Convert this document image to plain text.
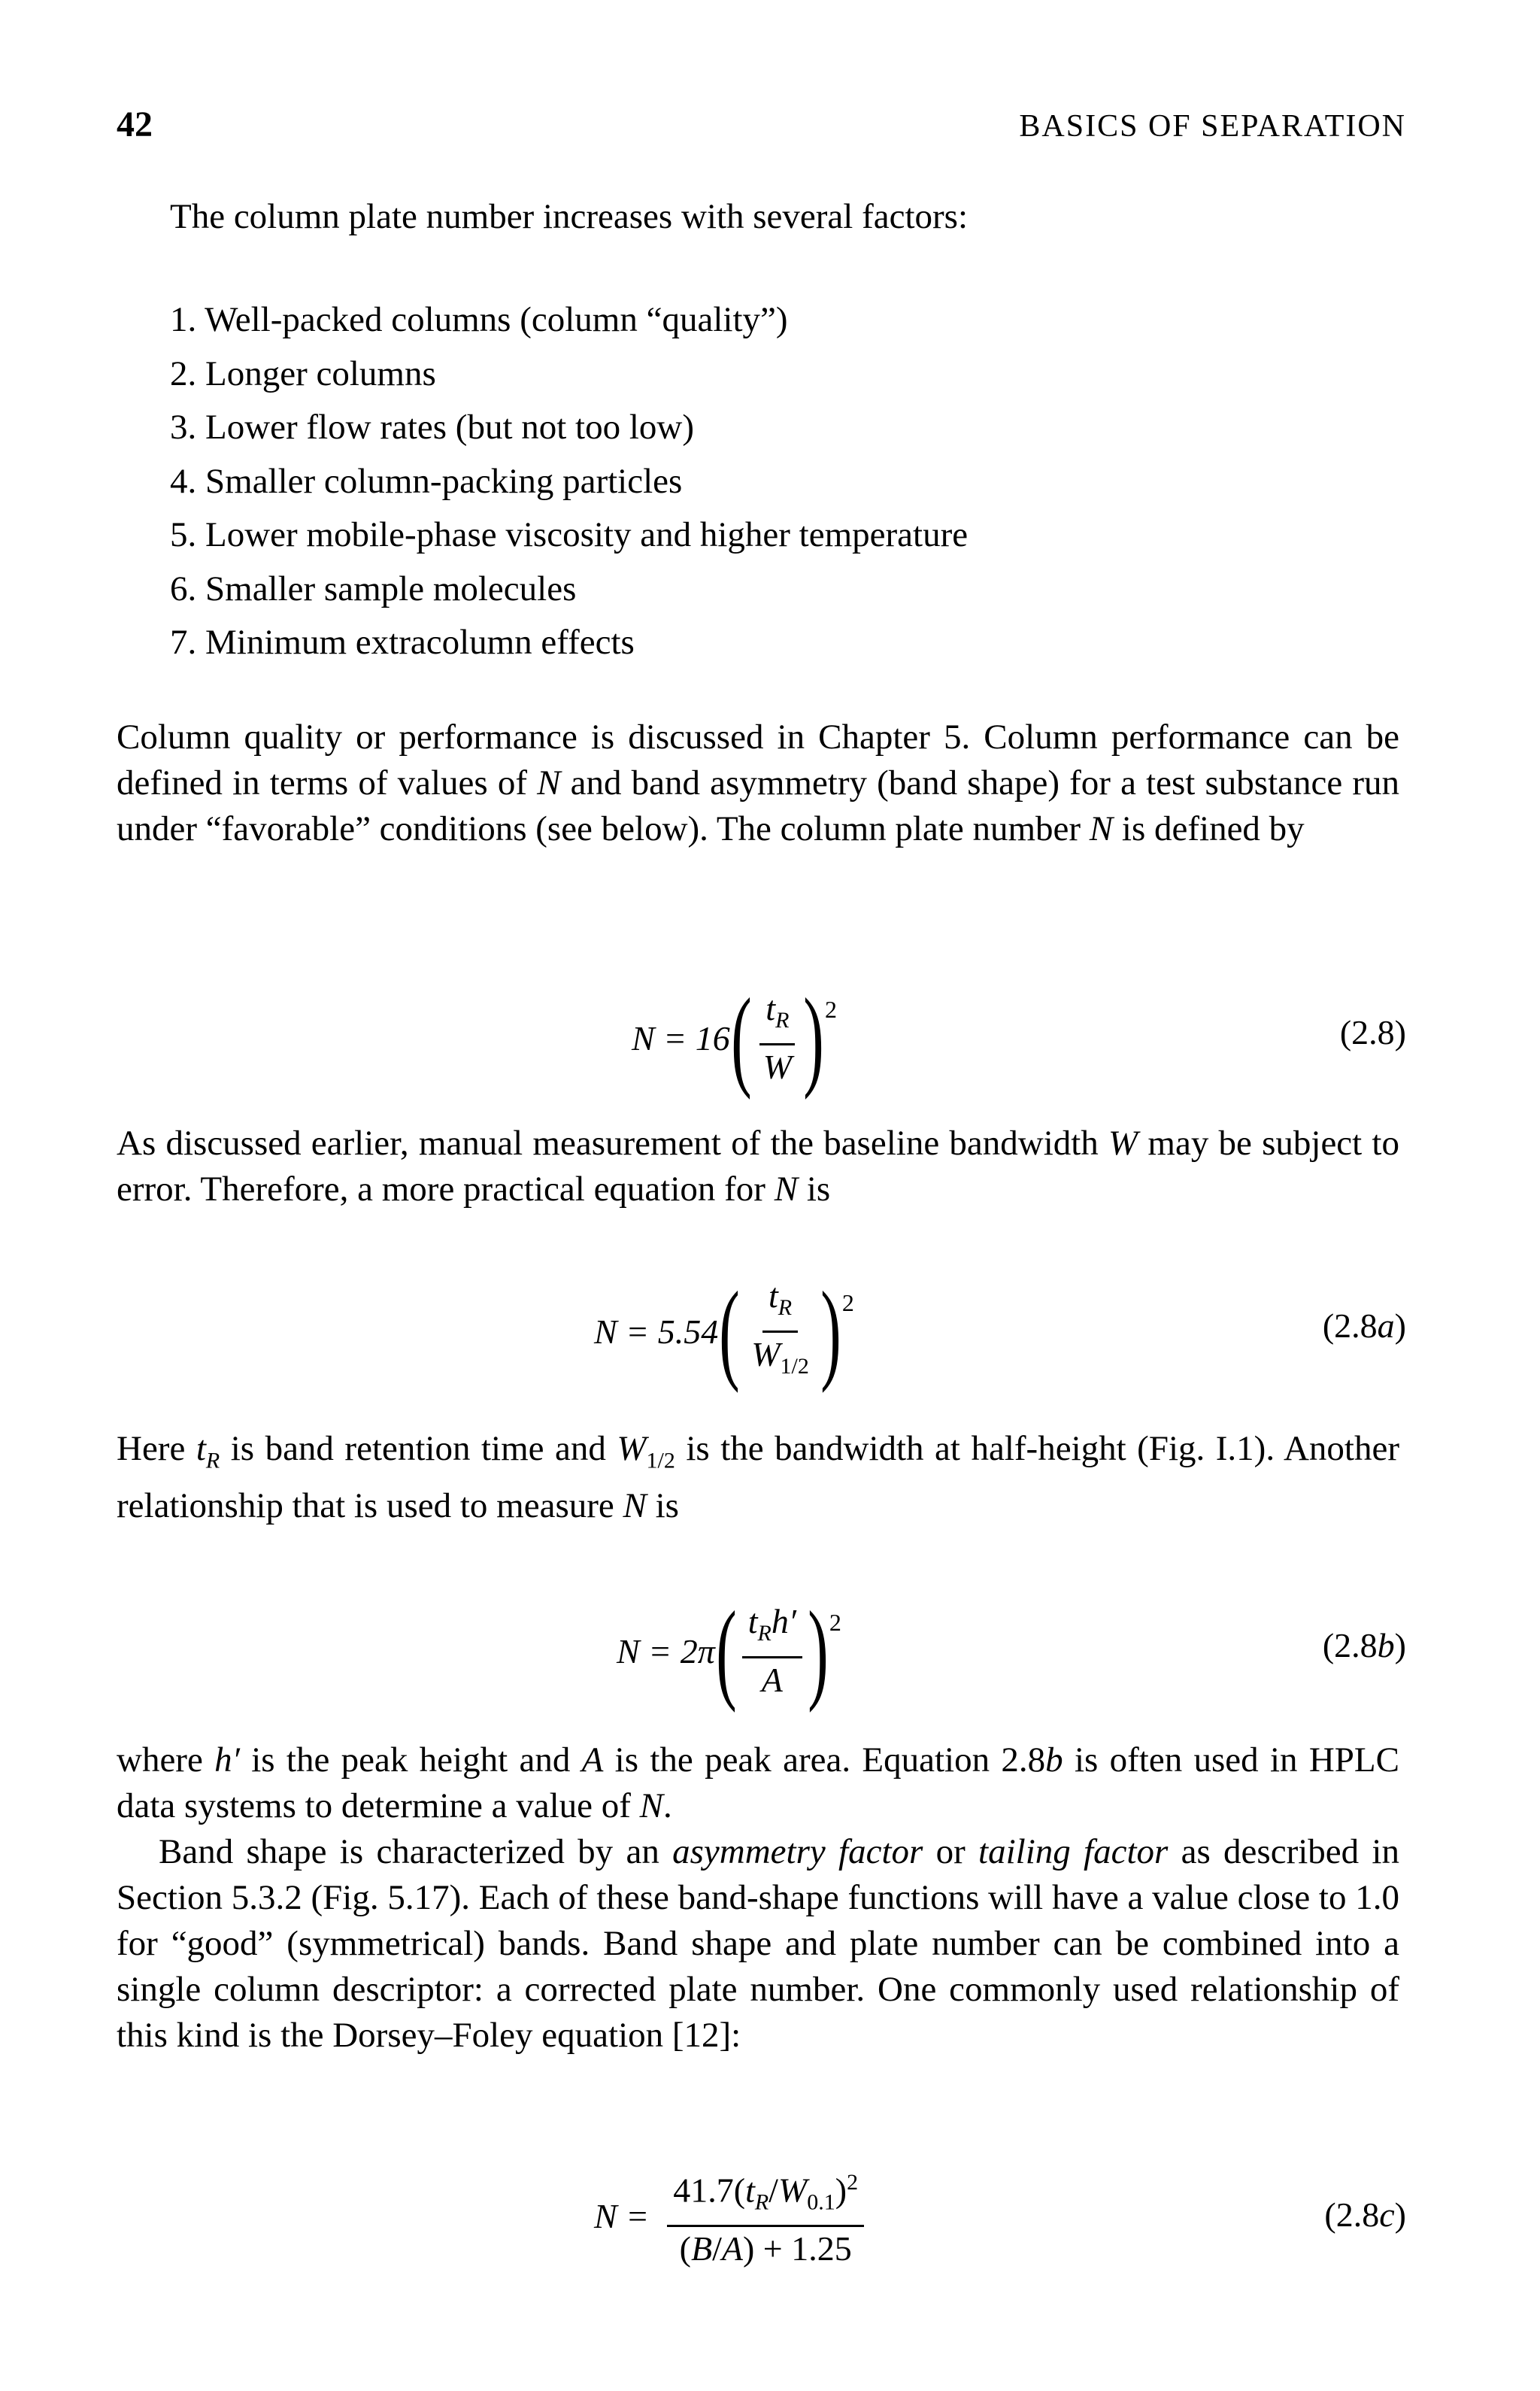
42	BASICS OF SEPARATION
The column plate number increases with several factors:
1. Well-packed columns (column “quality”)
2. Longer columns
3. Lower flow rates (but not too low)
4. Smaller column-packing particles
5. Lower mobile-phase viscosity and higher temperature
6. Smaller sample molecules
7. Minimum extracolumn effects

Column quality or performance is discussed in Chapter 5. Column performance can be defined in terms of values of N and band asymmetry (band shape) for a test substance run under “favorable” conditions (see below). The column plate number N is defined by

N = 16 ( $\frac{t_R}{W}$ ) 2
(2.8)

As discussed earlier, manual measurement of the baseline bandwidth W may be subject to error. Therefore, a more practical equation for N is

N = 5.54 ( $\frac{t_R}{W_{1/2}}$ ) 2
(2.8a)

Here $t_R$ is band retention time and $W_{1/2}$ is the bandwidth at half-height (Fig. I.1). Another relationship that is used to measure N is

N = 2π ( $\frac{t_Rh'}{A}$ ) 2
(2.8b)

where h′ is the peak height and A is the peak area. Equation 2.8b is often used in HPLC data systems to determine a value of N.

Band shape is characterized by an asymmetry factor or tailing factor as described in Section 5.3.2 (Fig. 5.17). Each of these band-shape functions will have a value close to 1.0 for “good” (symmetrical) bands. Band shape and plate number can be combined into a single column descriptor: a corrected plate number. One commonly used relationship of this kind is the Dorsey–Foley equation [12]:

$N = \frac{41.7(t_R/W_{0.1})^2}{(B/A) + 1.25}$	(2.8c)
